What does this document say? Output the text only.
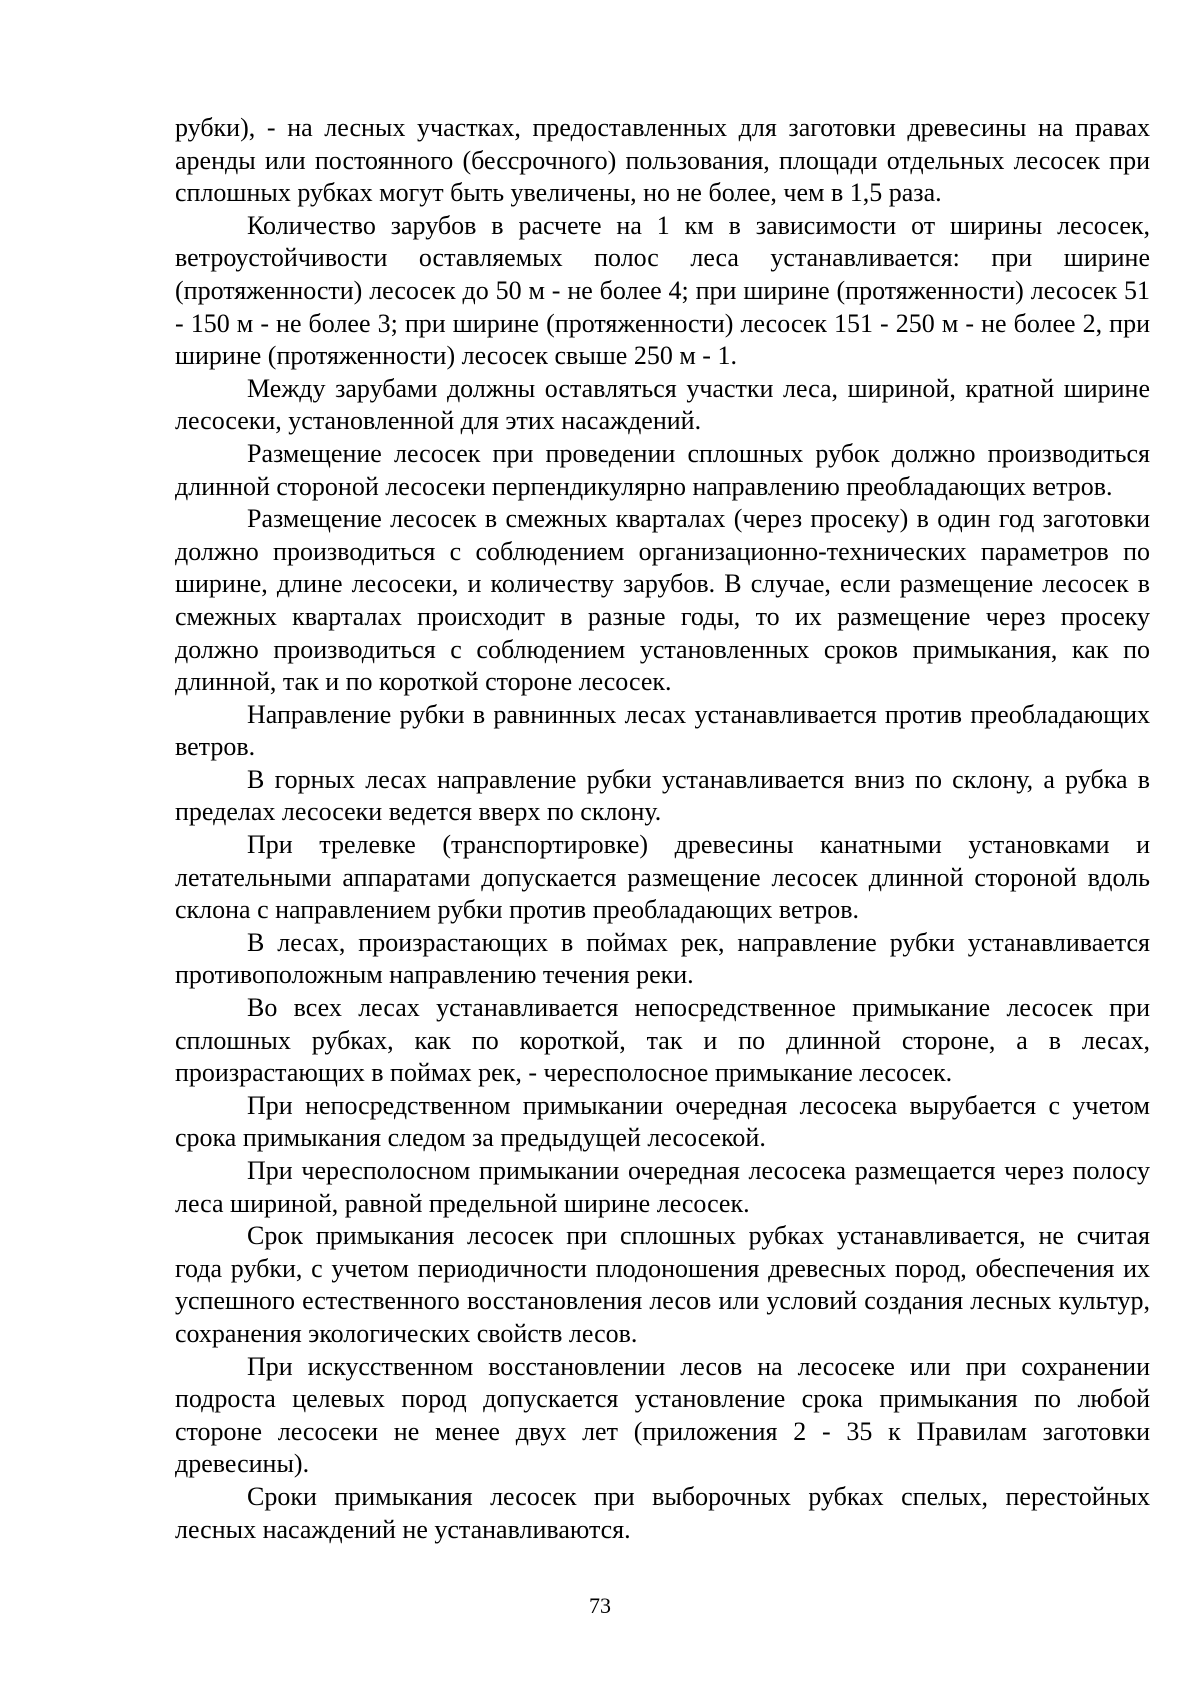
рубки), - на лесных участках, предоставленных для заготовки древесины на правах аренды или постоянного (бессрочного) пользования, площади отдельных лесосек при сплошных рубках могут быть увеличены, но не более, чем в 1,5 раза.

Количество зарубов в расчете на 1 км в зависимости от ширины лесосек, ветроустойчивости оставляемых полос леса устанавливается: при ширине (протяженности) лесосек до 50 м - не более 4; при ширине (протяженности) лесосек 51 - 150 м - не более 3; при ширине (протяженности) лесосек 151 - 250 м - не более 2, при ширине (протяженности) лесосек свыше 250 м - 1.

Между зарубами должны оставляться участки леса, шириной, кратной ширине лесосеки, установленной для этих насаждений.

Размещение лесосек при проведении сплошных рубок должно производиться длинной стороной лесосеки перпендикулярно направлению преобладающих ветров.

Размещение лесосек в смежных кварталах (через просеку) в один год заготовки должно производиться с соблюдением организационно-технических параметров по ширине, длине лесосеки, и количеству зарубов. В случае, если размещение лесосек в смежных кварталах происходит в разные годы, то их размещение через просеку должно производиться с соблюдением установленных сроков примыкания, как по длинной, так и по короткой стороне лесосек.

Направление рубки в равнинных лесах устанавливается против преобладающих ветров.

В горных лесах направление рубки устанавливается вниз по склону, а рубка в пределах лесосеки ведется вверх по склону.

При трелевке (транспортировке) древесины канатными установками и летательными аппаратами допускается размещение лесосек длинной стороной вдоль склона с направлением рубки против преобладающих ветров.

В лесах, произрастающих в поймах рек, направление рубки устанавливается противоположным направлению течения реки.

Во всех лесах устанавливается непосредственное примыкание лесосек при сплошных рубках, как по короткой, так и по длинной стороне, а в лесах, произрастающих в поймах рек, - чересполосное примыкание лесосек.

При непосредственном примыкании очередная лесосека вырубается с учетом срока примыкания следом за предыдущей лесосекой.

При чересполосном примыкании очередная лесосека размещается через полосу леса шириной, равной предельной ширине лесосек.

Срок примыкания лесосек при сплошных рубках устанавливается, не считая года рубки, с учетом периодичности плодоношения древесных пород, обеспечения их успешного естественного восстановления лесов или условий создания лесных культур, сохранения экологических свойств лесов.

При искусственном восстановлении лесов на лесосеке или при сохранении подроста целевых пород допускается установление срока примыкания по любой стороне лесосеки не менее двух лет (приложения 2 - 35 к Правилам заготовки древесины).

Сроки примыкания лесосек при выборочных рубках спелых, перестойных лесных насаждений не устанавливаются.

73
